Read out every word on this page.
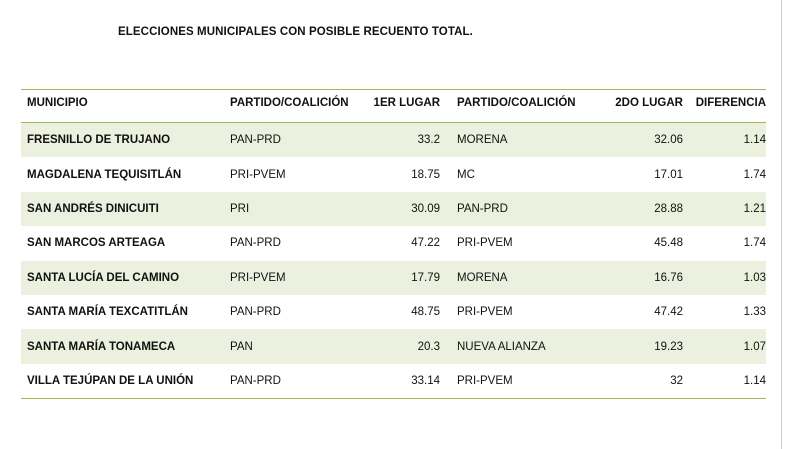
ELECCIONES MUNICIPALES CON POSIBLE RECUENTO TOTAL.
MUNICIPIO	PARTIDO/COALICIÓN	1ER LUGAR	PARTIDO/COALICIÓN	2DO LUGAR	DIFERENCIA
FRESNILLO DE TRUJANO	PAN-PRD	33.2	MORENA	32.06	1.14
MAGDALENA TEQUISITLÁN	PRI-PVEM	18.75	MC	17.01	1.74
SAN ANDRÉS DINICUITI	PRI	30.09	PAN-PRD	28.88	1.21
SAN MARCOS ARTEAGA	PAN-PRD	47.22	PRI-PVEM	45.48	1.74
SANTA LUCÍA DEL CAMINO	PRI-PVEM	17.79	MORENA	16.76	1.03
SANTA MARÍA TEXCATITLÁN	PAN-PRD	48.75	PRI-PVEM	47.42	1.33
SANTA MARÍA TONAMECA	PAN	20.3	NUEVA ALIANZA	19.23	1.07
VILLA TEJÚPAN DE LA UNIÓN	PAN-PRD	33.14	PRI-PVEM	32	1.14
